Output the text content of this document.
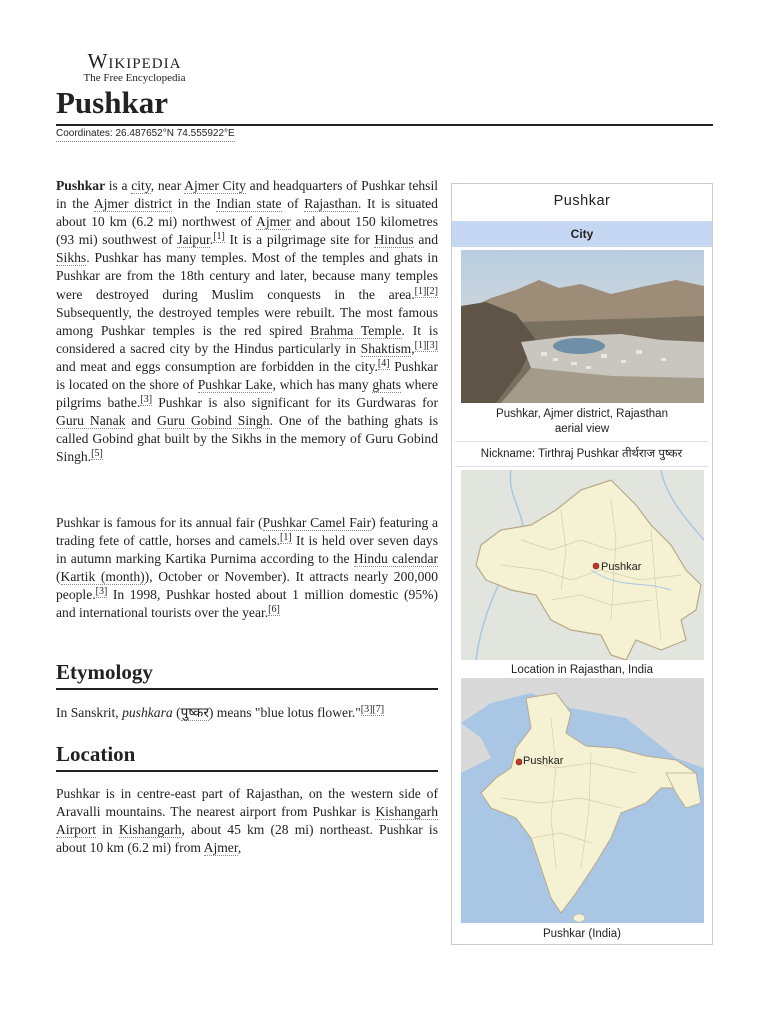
Wikipedia
The Free Encyclopedia
Pushkar
Coordinates: 26.487652°N 74.555922°E

Pushkar is a city, near Ajmer City and headquarters of Pushkar tehsil in the Ajmer district in the Indian state of Rajasthan. It is situated about 10 km (6.2 mi) northwest of Ajmer and about 150 kilometres (93 mi) southwest of Jaipur.[1] It is a pilgrimage site for Hindus and Sikhs. Pushkar has many temples. Most of the temples and ghats in Pushkar are from the 18th century and later, because many temples were destroyed during Muslim conquests in the area.[1][2] Subsequently, the destroyed temples were rebuilt. The most famous among Pushkar temples is the red spired Brahma Temple. It is considered a sacred city by the Hindus particularly in Shaktism,[1][3] and meat and eggs consumption are forbidden in the city.[4] Pushkar is located on the shore of Pushkar Lake, which has many ghats where pilgrims bathe.[3] Pushkar is also significant for its Gurdwaras for Guru Nanak and Guru Gobind Singh. One of the bathing ghats is called Gobind ghat built by the Sikhs in the memory of Guru Gobind Singh.[5]

Pushkar is famous for its annual fair (Pushkar Camel Fair) featuring a trading fete of cattle, horses and camels.[1] It is held over seven days in autumn marking Kartika Purnima according to the Hindu calendar (Kartik (month)), October or November). It attracts nearly 200,000 people.[3] In 1998, Pushkar hosted about 1 million domestic (95%) and international tourists over the year.[6]

Etymology

In Sanskrit, pushkara (पुष्कर) means "blue lotus flower."[3][7]

Location

Pushkar is in centre-east part of Rajasthan, on the western side of Aravalli mountains. The nearest airport from Pushkar is Kishangarh Airport in Kishangarh, about 45 km (28 mi) northeast. Pushkar is about 10 km (6.2 mi) from Ajmer,

Pushkar
City
Pushkar, Ajmer district, Rajasthan
aerial view
Nickname: Tirthraj Pushkar तीर्थराज पुष्कर
Pushkar
Location in Rajasthan, India
Pushkar
Pushkar (India)
